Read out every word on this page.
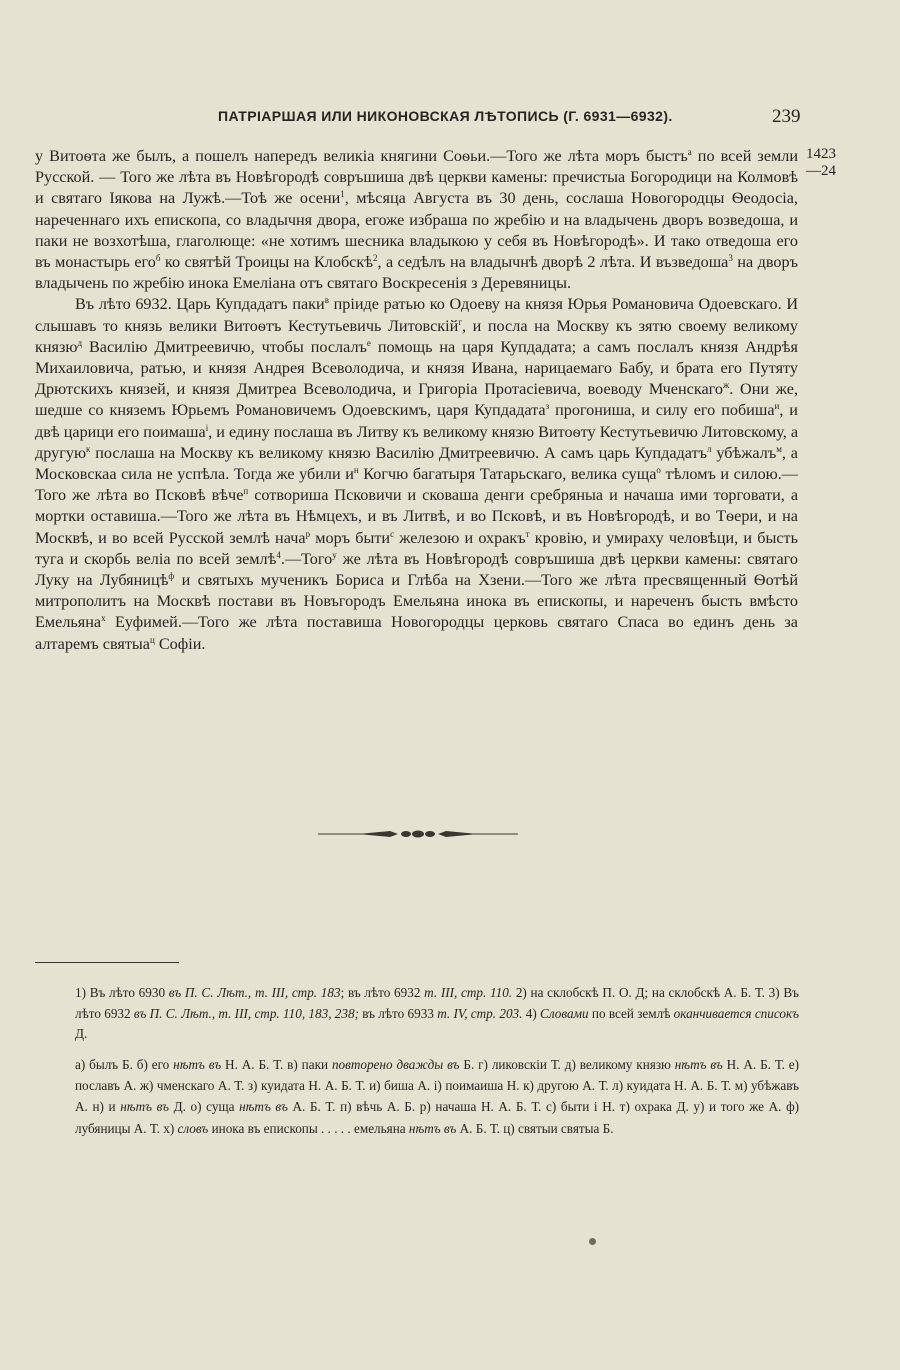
ПАТРІАРШАЯ ИЛИ НИКОНОВСКАЯ ЛѢТОПИСЬ (Г. 6931—6932).	239
1423
—24

у Витоѳта же былъ, а пошелъ напередъ великіа княгини Соѳьи.—Того же лѣта моръ быстъ$^а$ по всей земли Русской. — Того же лѣта въ Новѣгородѣ совръшиша двѣ церкви камены: пречистыа Богородици на Колмовѣ и святаго Іякова на Лужѣ.—Тоѣ же осени$^1$, мѣсяца Августа въ 30 день, сослаша Новогородцы Ѳеодосіа, нареченнаго ихъ епископа, со владычня двора, егоже избраша по жребію и на владычень дворъ возведоша, и паки не возхотѣша, глаголюще: «не хотимъ шесника владыкою у себя въ Новѣгородѣ». И тако отведоша его въ монастырь его$^б$ ко святѣй Троицы на Клобскѣ$^2$, а седѣлъ на владычнѣ дворѣ 2 лѣта. И възведоша$^3$ на дворъ владычень по жребію инока Емеліана отъ святаго Воскресенія з Деревяницы.

Въ лѣто 6932. Царь Купдадатъ паки$^в$ пріиде ратью ко Одоеву на князя Юрья Романовича Одоевскаго. И слышавъ то князь велики Витоѳтъ Кестутьевичь Литовскій$^г$, и посла на Москву къ зятю своему великому князю$^д$ Василію Дмитреевичю, чтобы послалъ$^е$ помощь на царя Купдадата; а самъ послалъ князя Андрѣя Михаиловича, ратью, и князя Андрея Всеволодича, и князя Ивана, нарицаемаго Бабу, и брата его Путяту Дрютскихъ князей, и князя Дмитреа Всеволодича, и Григоріа Протасіевича, воеводу Мченскаго$^ж$. Они же, шедше со княземъ Юрьемъ Романовичемъ Одоевскимъ, царя Купдадата$^з$ прогониша, и силу его побиша$^и$, и двѣ царици его поимаша$^і$, и едину послаша въ Литву къ великому князю Витоѳту Кестутьевичю Литовскому, а другую$^к$ послаша на Москву къ великому князю Василію Дмитреевичю. А самъ царь Купдадатъ$^л$ убѣжалъ$^м$, а Московскаа сила не успѣла. Тогда же убили $и^н$ Когчю багатыря Татарьскаго, велика суща$^о$ тѣломъ и силою.—Того же лѣта во Псковѣ вѣче$^п$ сотвориша Псковичи и сковаша денги сребряныа и начаша ими торговати, а мортки оставиша.—Того же лѣта въ Нѣмцехъ, и въ Литвѣ, и во Псковѣ, и въ Новѣгородѣ, и во Тѳери, и на Москвѣ, и во всей Русской землѣ нача$^р$ моръ быти$^с$ железою и охракъ$^т$ кровію, и умираху человѣци, и бысть туга и скорбь веліа по всей землѣ$^4$.—Того$^у$ же лѣта въ Новѣгородѣ совръшиша двѣ церкви камены: святаго Луку на Лубяницѣ$^ф$ и святыхъ мученикъ Бориса и Глѣба на Хзени.—Того же лѣта пресвященный Ѳотѣй митрополитъ на Москвѣ постави въ Новъгородъ Емельяна инока въ епископы, и нареченъ бысть вмѣсто Емельяна$^х$ Еуфимей.—Того же лѣта поставиша Новогородцы церковь святаго Спаса во единъ день за алтаремъ святыа$^ц$ Софіи.

1) Въ лѣто 6930 въ П. С. Лѣт., т. III, стр. 183; въ лѣто 6932 т. III, стр. 110. 2) на склобскѣ П. О. Д; на склобскѣ А. Б. Т. 3) Въ лѣто 6932 въ П. С. Лѣт., т. III, стр. 110, 183, 238; въ лѣто 6933 т. IV, стр. 203. 4) Словами по всей землѣ оканчивается списокъ Д.

а) былъ Б. б) его нѣтъ въ Н. А. Б. Т. в) паки повторено дважды въ Б. г) ликовскіи Т. д) великому князю нѣтъ въ Н. А. Б. Т. е) пославъ А. ж) чменскаго А. Т. з) куидата Н. А. Б. Т. и) биша А. і) поимаиша Н. к) другою А. Т. л) куидата Н. А. Б. Т. м) убѣжавъ А. н) и нѣтъ въ Д. о) суща нѣтъ въ А. Б. Т. п) вѣчь А. Б. р) начаша Н. А. Б. Т. с) быти і Н. т) охрака Д. у) и того же А. ф) лубяницы А. Т. х) словъ инока въ епископы . . . . . емельяна нѣтъ въ А. Б. Т. ц) святыи святыа Б.
